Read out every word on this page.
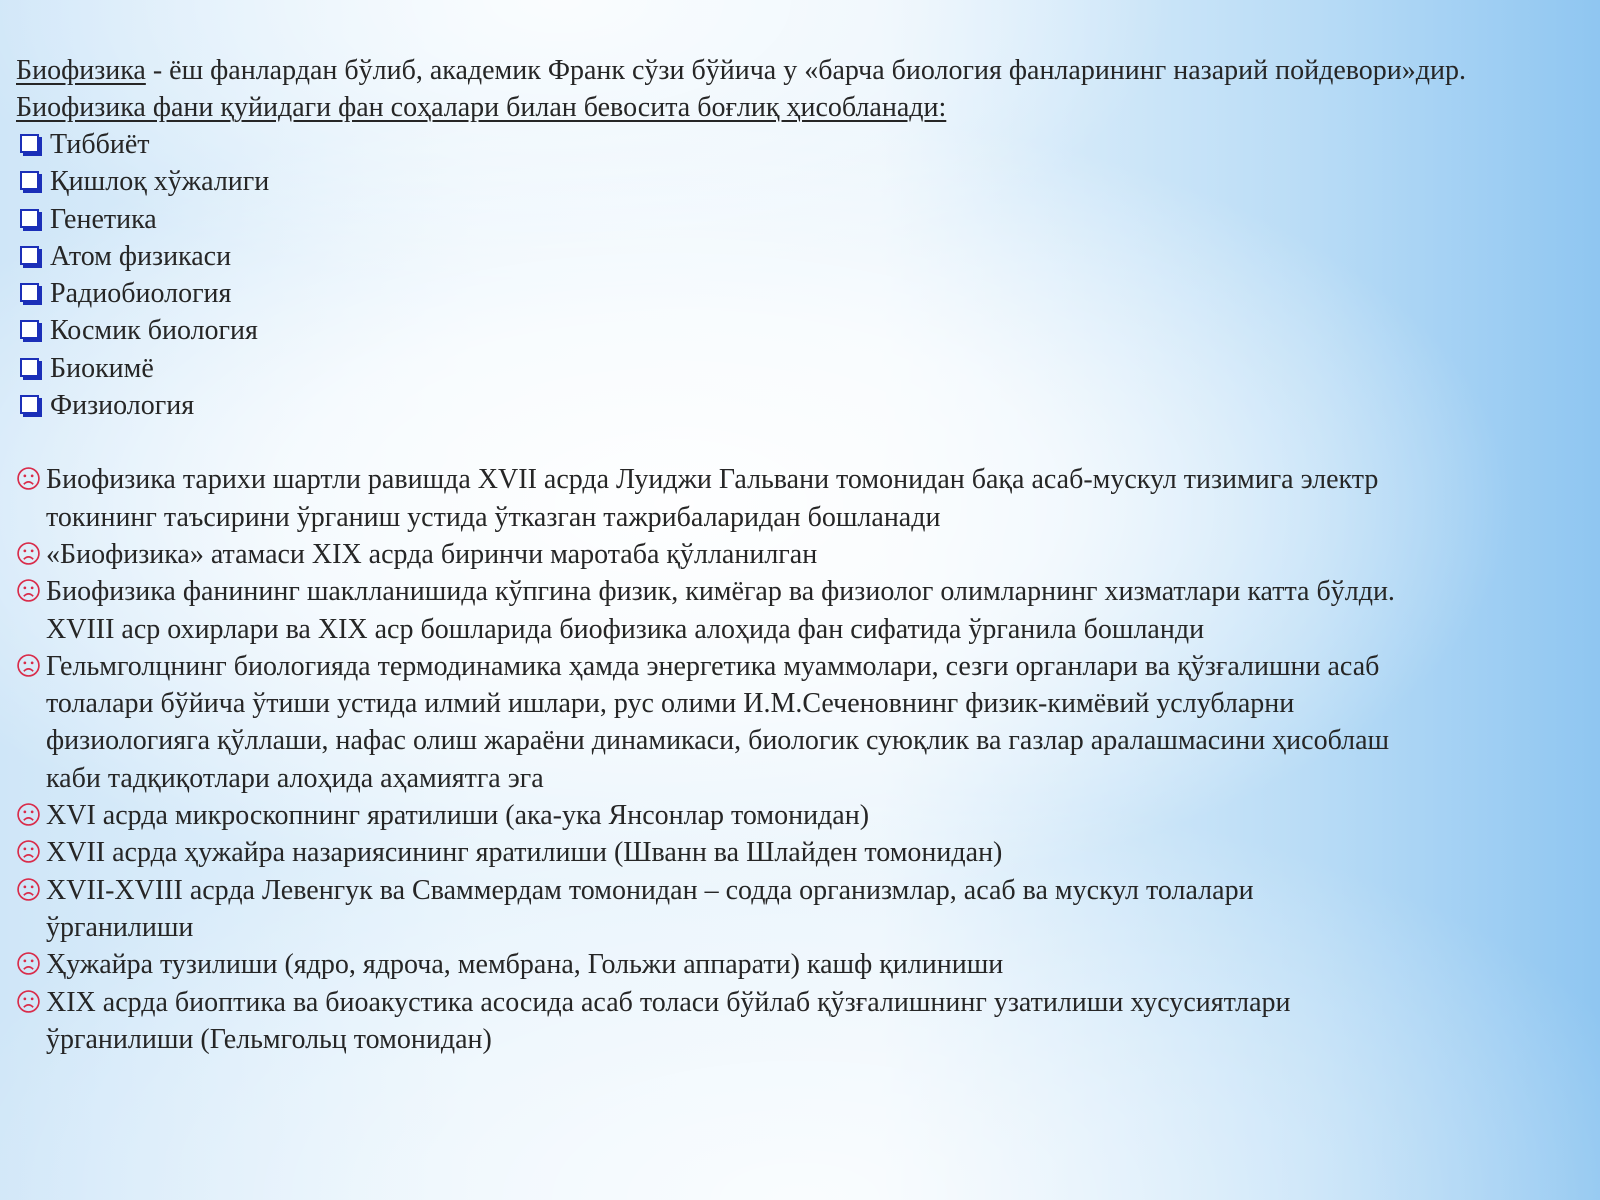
Биофизика - ёш фанлардан бўлиб, академик Франк сўзи бўйича у «барча биология фанларининг назарий пойдевори»дир.

Биофизика фани қуйидаги фан соҳалари билан бевосита боғлиқ ҳисобланади:

Тиббиёт
Қишлоқ хўжалиги
Генетика
Атом физикаси
Радиобиология
Космик биология
Биокимё
Физиология
Биофизика тарихи шартли равишда XVII асрда Луиджи Гальвани томонидан бақа асаб-мускул тизимига электр токининг таъсирини ўрганиш устида ўтказган тажрибаларидан бошланади
«Биофизика» атамаси XIX асрда биринчи маротаба қўлланилган
Биофизика фанининг шаклланишида кўпгина физик, кимёгар ва физиолог олимларнинг хизматлари катта бўлди. XVIII аср охирлари ва XIX аср бошларида биофизика алоҳида фан сифатида ўрганила бошланди
Гельмголцнинг биологияда термодинамика ҳамда энергетика муаммолари, сезги органлари ва қўзғалишни асаб толалари бўйича ўтиши устида илмий ишлари, рус олими И.М.Сеченовнинг физик-кимёвий услубларни физиологияга қўллаши, нафас олиш жараёни динамикаси, биологик суюқлик ва газлар аралашмасини ҳисоблаш каби тадқиқотлари алоҳида аҳамиятга эга
XVI асрда микроскопнинг яратилиши (ака-ука Янсонлар томонидан)
XVII асрда ҳужайра назариясининг яратилиши (Шванн ва Шлайден томонидан)
XVII-XVIII асрда Левенгук ва Сваммердам томонидан – содда организмлар, асаб ва мускул толалари ўрганилиши
Ҳужайра тузилиши (ядро, ядроча, мембрана, Гольжи аппарати) кашф қилиниши
XIX асрда биоптика ва биоакустика асосида асаб толаси бўйлаб қўзғалишнинг узатилиши хусусиятлари ўрганилиши (Гельмгольц томонидан)
